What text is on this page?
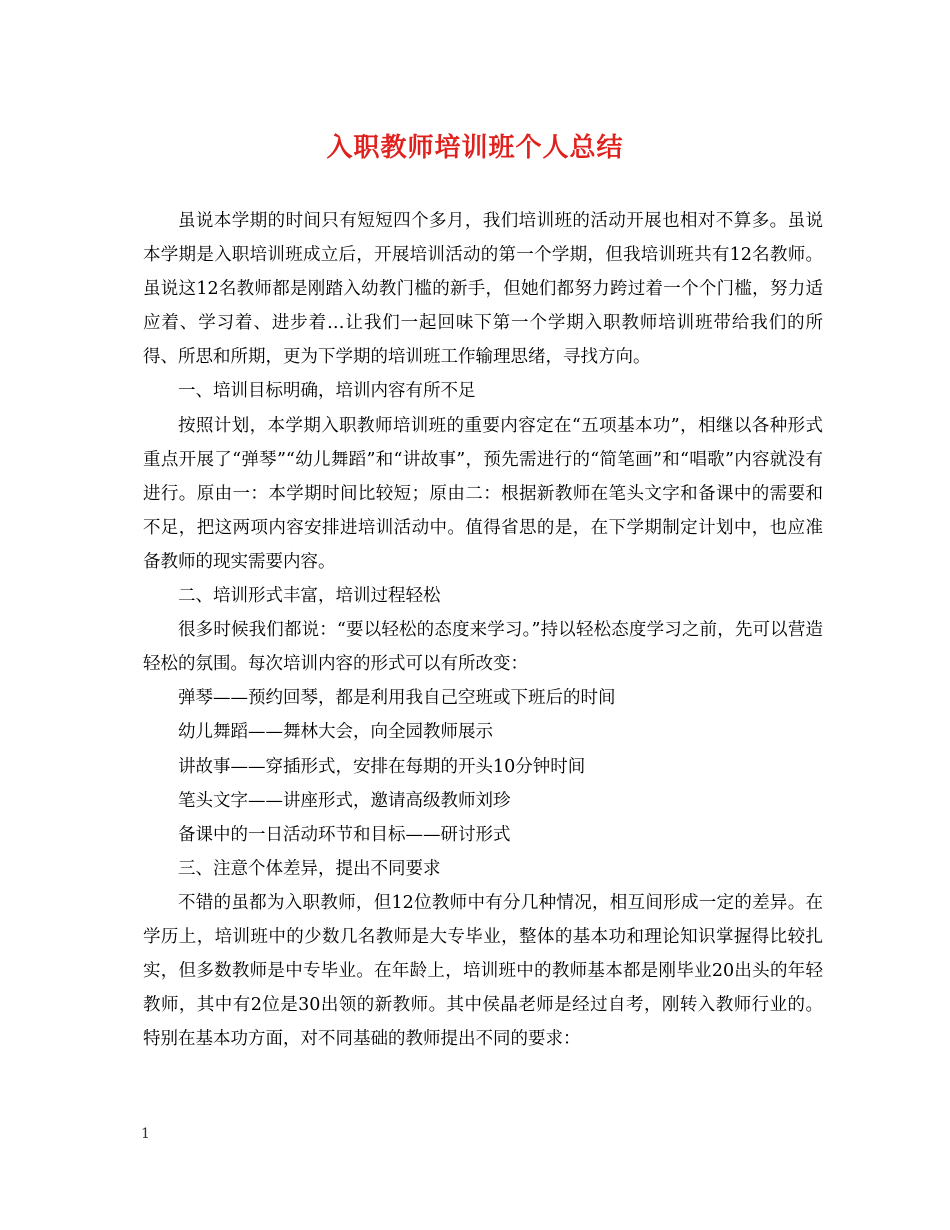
入职教师培训班个人总结

虽说本学期的时间只有短短四个多月，我们培训班的活动开展也相对不算多。虽说本学期是入职培训班成立后，开展培训活动的第一个学期，但我培训班共有12名教师。虽说这12名教师都是刚踏入幼教门槛的新手，但她们都努力跨过着一个个门槛，努力适应着、学习着、进步着…让我们一起回味下第一个学期入职教师培训班带给我们的所得、所思和所期，更为下学期的培训班工作输理思绪，寻找方向。

一、培训目标明确，培训内容有所不足

按照计划，本学期入职教师培训班的重要内容定在“五项基本功”，相继以各种形式重点开展了“弹琴”“幼儿舞蹈”和“讲故事”，预先需进行的“简笔画”和“唱歌”内容就没有进行。原由一：本学期时间比较短；原由二：根据新教师在笔头文字和备课中的需要和不足，把这两项内容安排进培训活动中。值得省思的是，在下学期制定计划中，也应准备教师的现实需要内容。

二、培训形式丰富，培训过程轻松

很多时候我们都说：“要以轻松的态度来学习。”持以轻松态度学习之前，先可以营造轻松的氛围。每次培训内容的形式可以有所改变：

弹琴——预约回琴，都是利用我自己空班或下班后的时间

幼儿舞蹈——舞林大会，向全园教师展示

讲故事——穿插形式，安排在每期的开头10分钟时间

笔头文字——讲座形式，邀请高级教师刘珍

备课中的一日活动环节和目标——研讨形式

三、注意个体差异，提出不同要求

不错的虽都为入职教师，但12位教师中有分几种情况，相互间形成一定的差异。在学历上，培训班中的少数几名教师是大专毕业，整体的基本功和理论知识掌握得比较扎实，但多数教师是中专毕业。在年龄上，培训班中的教师基本都是刚毕业20出头的年轻教师，其中有2位是30出领的新教师。其中侯晶老师是经过自考，刚转入教师行业的。特别在基本功方面，对不同基础的教师提出不同的要求：

1
